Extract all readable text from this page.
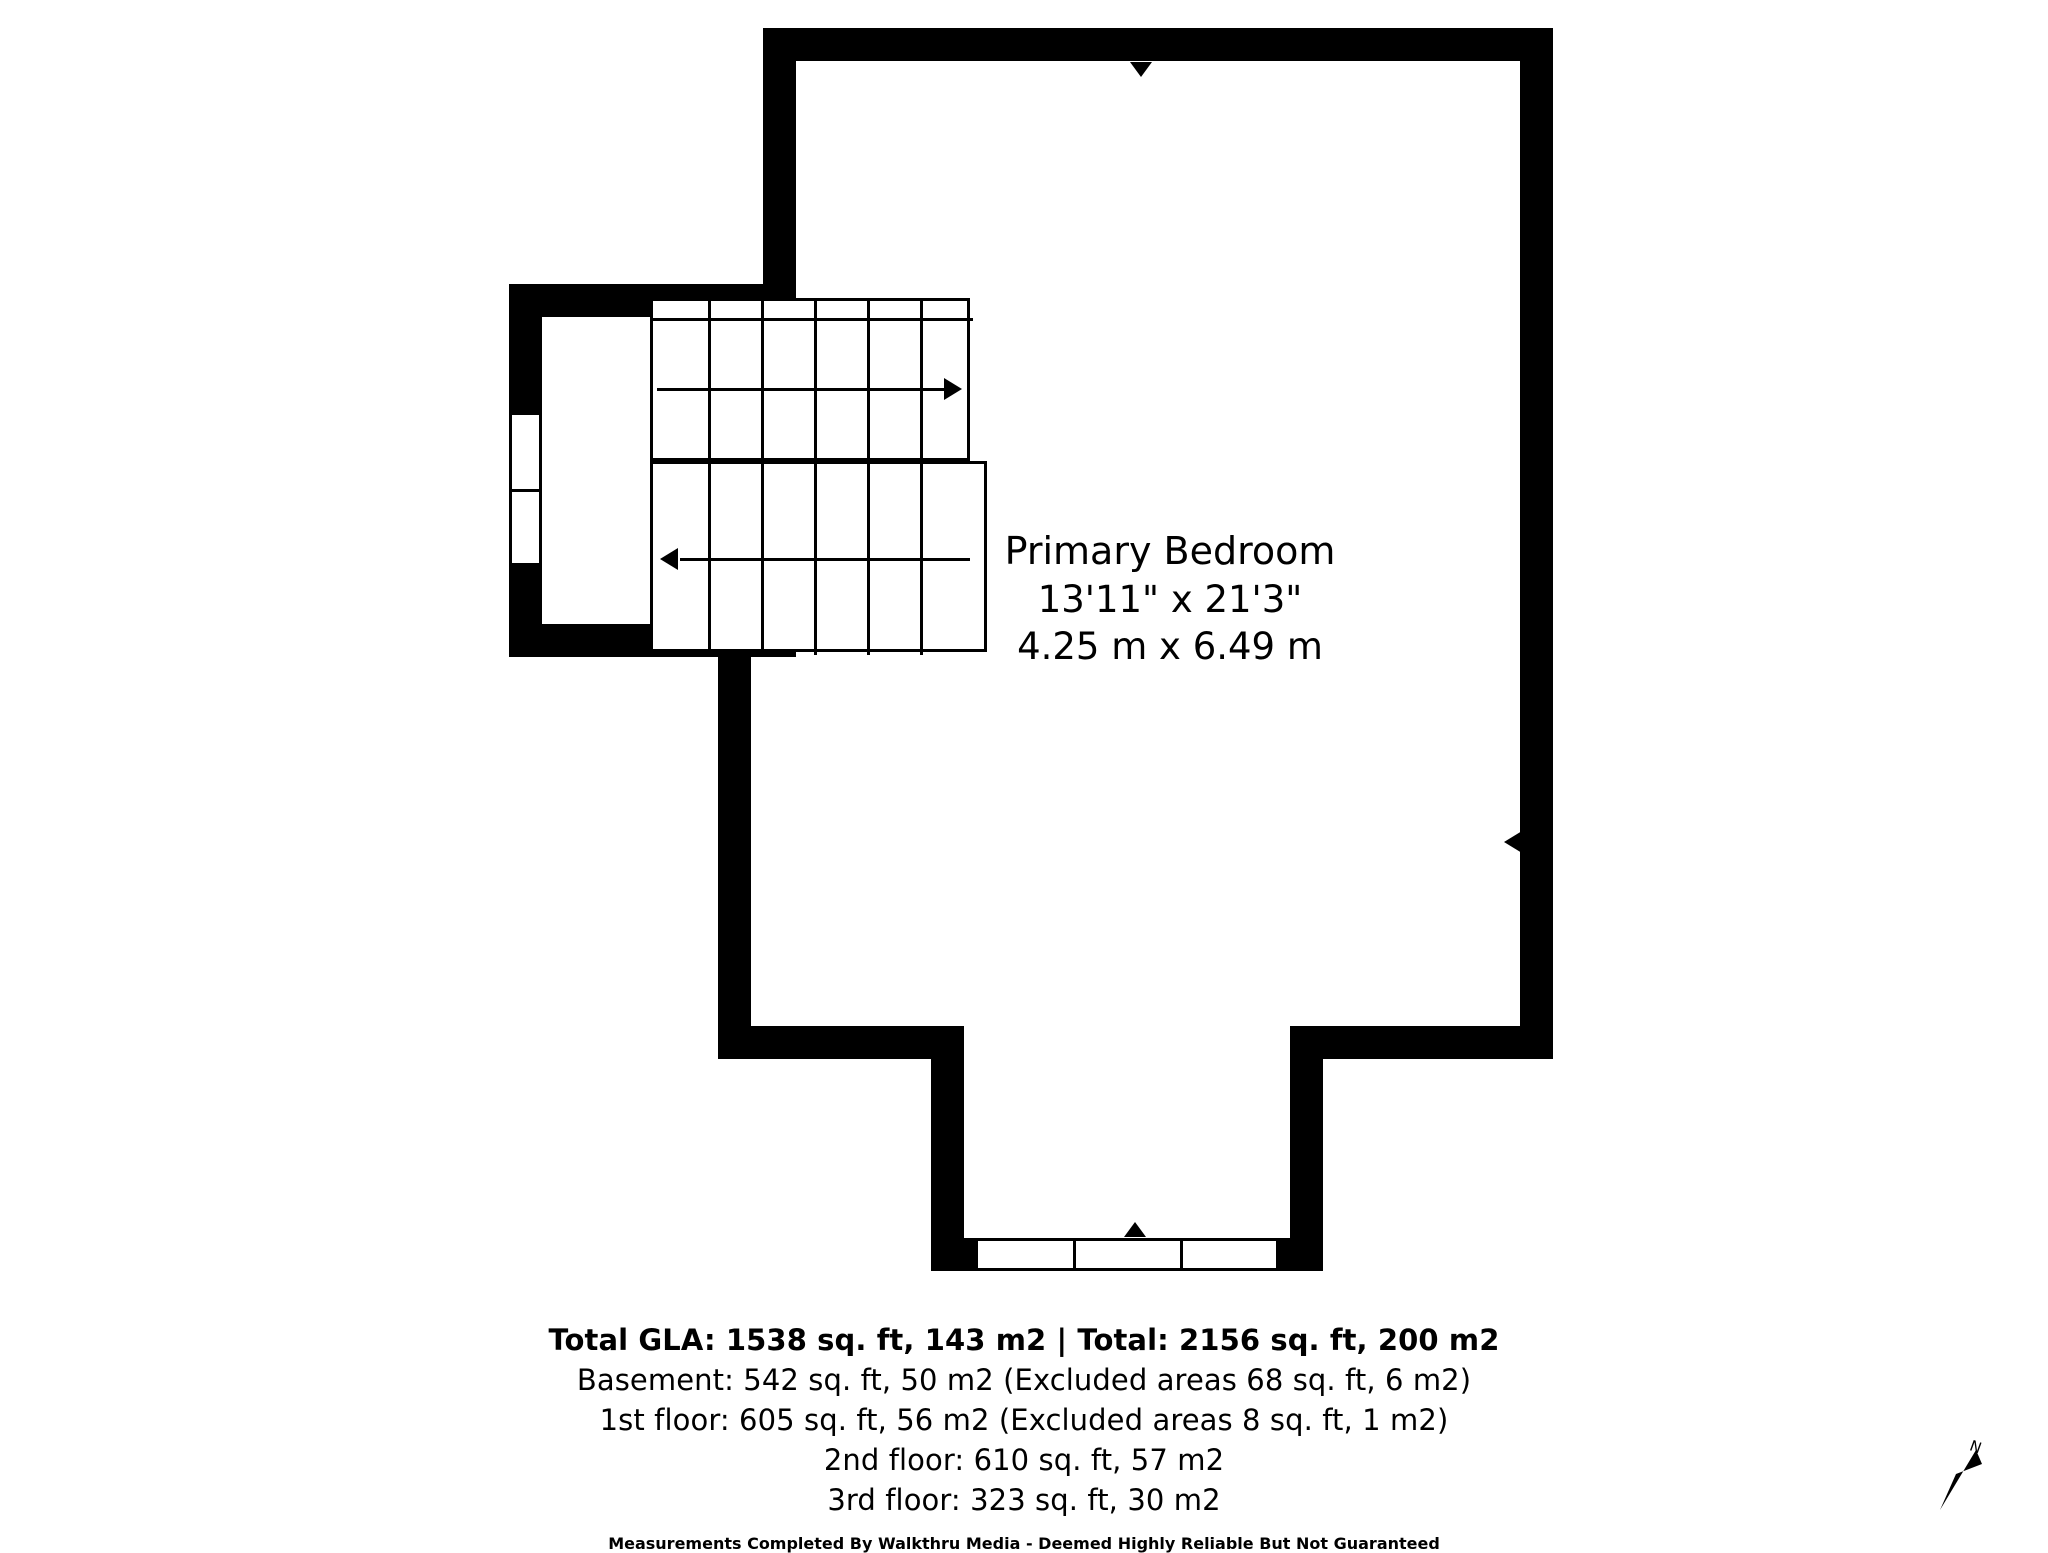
Primary Bedroom
13'11" x 21'3"
4.25 m x 6.49 m
Total GLA: 1538 sq. ft, 143 m2 | Total: 2156 sq. ft, 200 m2
Basement: 542 sq. ft, 50 m2 (Excluded areas 68 sq. ft, 6 m2)
1st floor: 605 sq. ft, 56 m2 (Excluded areas 8 sq. ft, 1 m2)
2nd floor: 610 sq. ft, 57 m2
3rd floor: 323 sq. ft, 30 m2
Measurements Completed By Walkthru Media - Deemed Highly Reliable But Not Guaranteed
N
